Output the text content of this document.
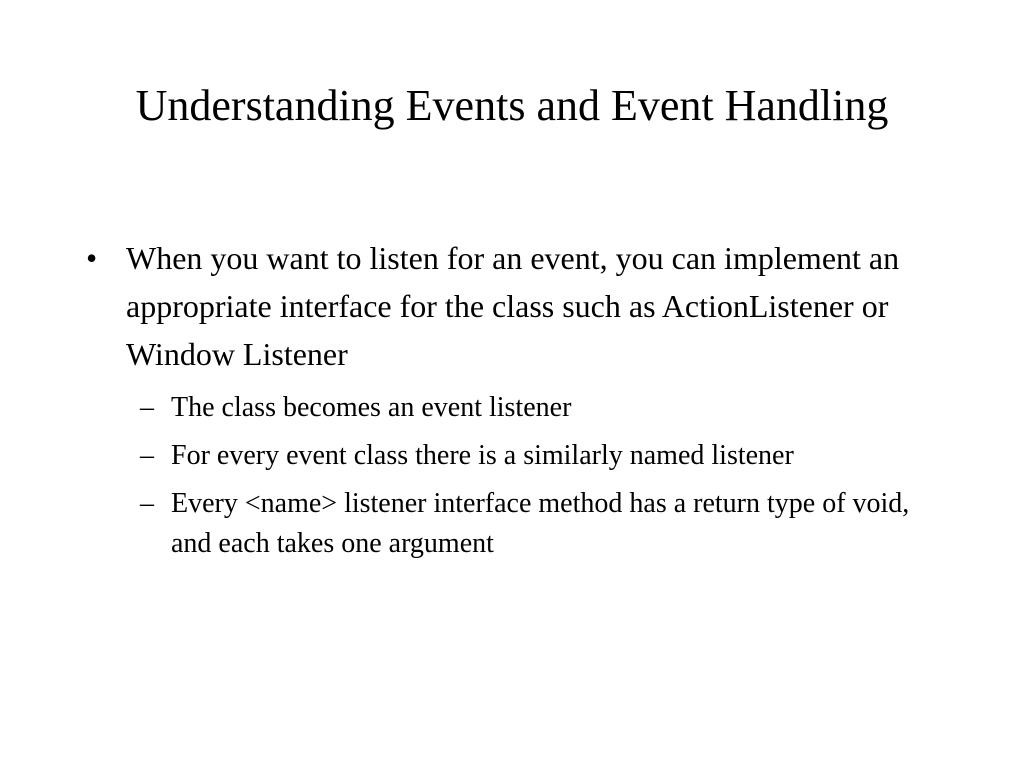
Understanding Events and Event Handling
• When you want to listen for an event, you can implement an appropriate interface for the class such as ActionListener or Window Listener
– The class becomes an event listener
– For every event class there is a similarly named listener
– Every <name> listener interface method has a return type of void, and each takes one argument
